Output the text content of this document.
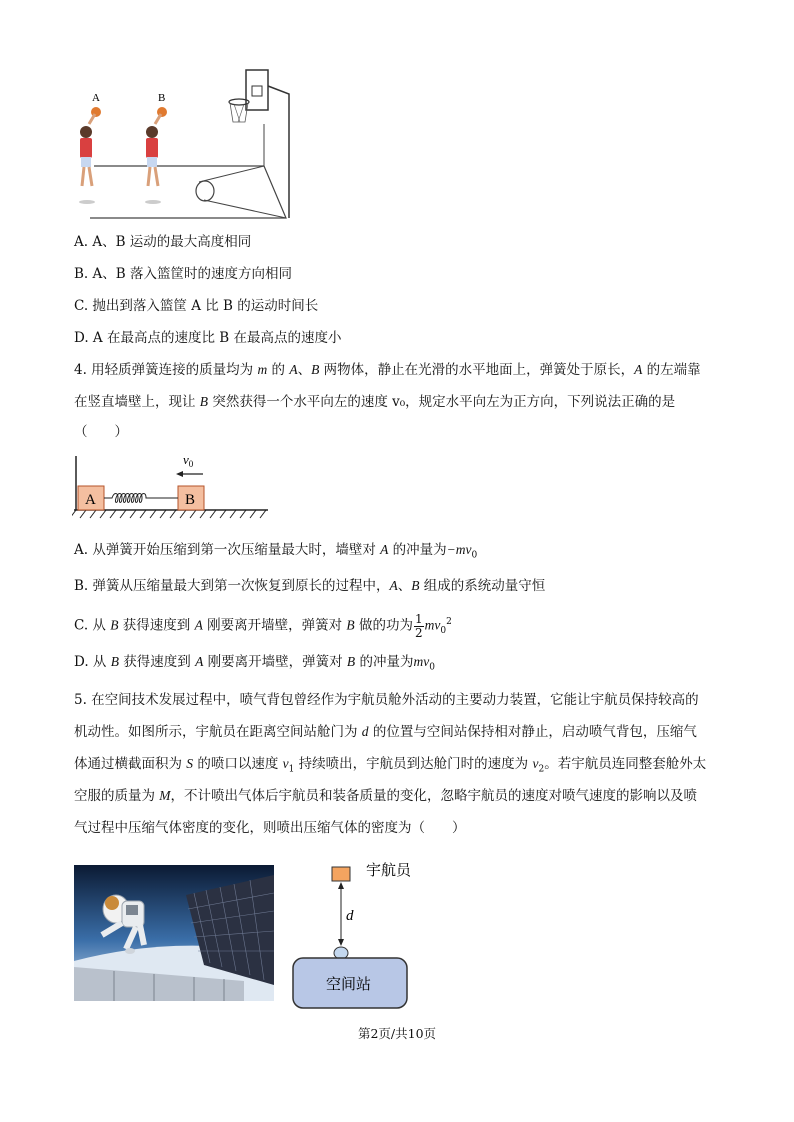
A	B
A. A、B 运动的最大高度相同
B. A、B 落入篮筐时的速度方向相同
C. 抛出到落入篮筐 A 比 B 的运动时间长
D. A 在最高点的速度比 B 在最高点的速度小
4. 用轻质弹簧连接的质量均为 m 的 A、B 两物体，静止在光滑的水平地面上，弹簧处于原长，A 的左端靠
在竖直墙壁上，现让 B 突然获得一个水平向左的速度 v₀，规定水平向左为正方向，下列说法正确的是
（　　）
A	B
$v_0$
A. 从弹簧开始压缩到第一次压缩量最大时，墙壁对 A 的冲量为$-mv_0$
B. 弹簧从压缩量最大到第一次恢复到原长的过程中，A、B 组成的系统动量守恒
C. 从 B 获得速度到 A 刚要离开墙壁，弹簧对 B 做的功为 $\frac{1}{2} mv_0^2$
D. 从 B 获得速度到 A 刚要离开墙壁，弹簧对 B 的冲量为$mv_0$
5. 在空间技术发展过程中，喷气背包曾经作为宇航员舱外活动的主要动力装置，它能让宇航员保持较高的
机动性。如图所示，宇航员在距离空间站舱门为 d 的位置与空间站保持相对静止，启动喷气背包，压缩气
体通过横截面积为 S 的喷口以速度 $v_1$ 持续喷出，宇航员到达舱门时的速度为 $v_2$。若宇航员连同整套舱外太
空服的质量为 M，不计喷出气体后宇航员和装备质量的变化，忽略宇航员的速度对喷气速度的影响以及喷
气过程中压缩气体密度的变化，则喷出压缩气体的密度为（　　）
宇航员
d
空间站
第2页/共10页
